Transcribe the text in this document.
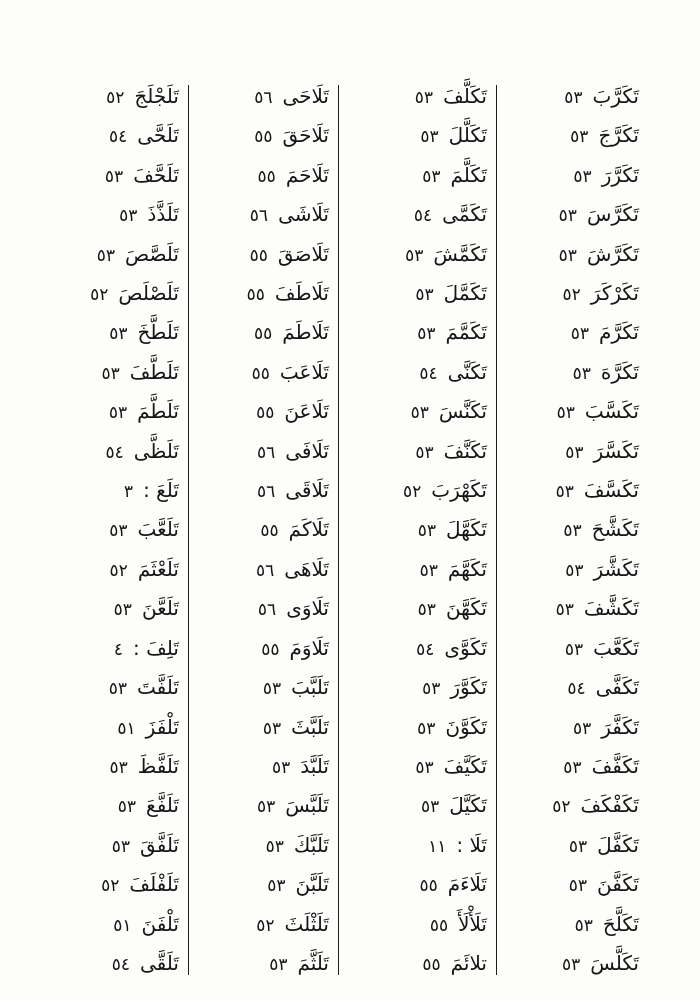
تَكَرَّبَ
٥٣
تَكَرَّجَ
٥٣
تَكَرَّرَ
٥٣
تَكَرَّسَ
٥٣
تَكَرَّشَ
٥٣
تَكَرْكَرَ
٥٢
تَكَرَّمَ
٥٣
تَكَرَّهَ
٥٣
تَكَسَّبَ
٥٣
تَكَسَّرَ
٥٣
تَكَسَّفَ
٥٣
تَكَشَّحَ
٥٣
تَكَشَّرَ
٥٣
تَكَشَّفَ
٥٣
تَكَعَّبَ
٥٣
تَكَفَّى
٥٤
تَكَفَّرَ
٥٣
تَكَفَّفَ
٥٣
تَكَفْكَفَ
٥٢
تَكَفَّلَ
٥٣
تَكَفَّنَ
٥٣
تَكَلَّحَ
٥٣
تَكَلَّسَ
٥٣
تَكَلَّفَ
٥٣
تَكَلَّلَ
٥٣
تَكَلَّمَ
٥٣
تَكَمَّى
٥٤
تَكَمَّشَ
٥٣
تَكَمَّلَ
٥٣
تَكَمَّمَ
٥٣
تَكَنَّى
٥٤
تَكَنَّسَ
٥٣
تَكَنَّفَ
٥٣
تَكَهْرَبَ
٥٢
تَكَهَّلَ
٥٣
تَكَهَّمَ
٥٣
تَكَهَّنَ
٥٣
تَكَوَّى
٥٤
تَكَوَّرَ
٥٣
تَكَوَّنَ
٥٣
تَكَيَّفَ
٥٣
تَكَيَّلَ
٥٣
تَلَا :
١١
تَلَاءَمَ
٥٥
تَلَأْلَأَ
٥٥
تلائَمَ
٥٥
تَلَاحَى
٥٦
تَلَاحَقَ
٥٥
تَلَاحَمَ
٥٥
تَلَاشَى
٥٦
تَلَاصَقَ
٥٥
تَلَاطَفَ
٥٥
تَلَاطَمَ
٥٥
تَلَاعَبَ
٥٥
تَلَاعَنَ
٥٥
تَلَافَى
٥٦
تَلَاقَى
٥٦
تَلَاكَمَ
٥٥
تَلَاهَى
٥٦
تَلَاوَى
٥٦
تَلَاوَمَ
٥٥
تَلَبَّبَ
٥٣
تَلَبَّثَ
٥٣
تَلَبَّدَ
٥٣
تَلَبَّسَ
٥٣
تَلَبَّكَ
٥٣
تَلَبَّنَ
٥٣
تَلَثْلَثَ
٥٢
تَلَثَّمَ
٥٣
تَلَجْلَجَ
٥٢
تَلَحَّى
٥٤
تَلَحَّفَ
٥٣
تَلَذَّذَ
٥٣
تَلَصَّصَ
٥٣
تَلَصْلَصَ
٥٢
تَلَطَّخَ
٥٣
تَلَطَّفَ
٥٣
تَلَطَّمَ
٥٣
تَلَظَّى
٥٤
تَلَعَ :
٣
تَلَعَّبَ
٥٣
تَلَعْثَمَ
٥٢
تَلَعَّنَ
٥٣
تَلِفَ :
٤
تَلَفَّتَ
٥٣
تَلْفَزَ
٥١
تَلَفَّظَ
٥٣
تَلَفَّعَ
٥٣
تَلَفَّقَ
٥٣
تَلَفْلَفَ
٥٢
تَلْفَنَ
٥١
تَلَقَّى
٥٤
